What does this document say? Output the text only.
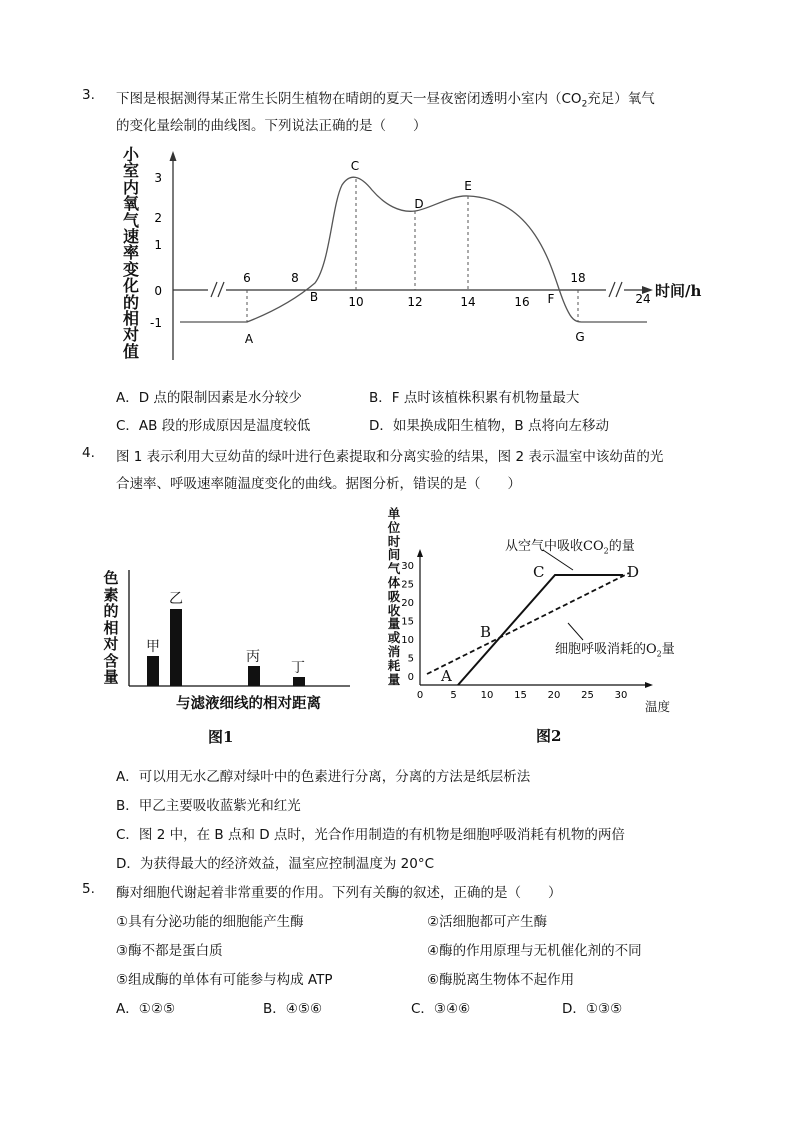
3. 下图是根据测得某正常生长阴生植物在晴朗的夏天一昼夜密闭透明小室内（$CO_2$充足）氧气
的变化量绘制的曲线图。下列说法正确的是（　　）
小
室
内
氧
气
速
率
变
化
的
相
对
值
3
2
1
0
-1
6	8
10	12	14	16
18
24
A
B
C
D
E
F
G
时间/h
A．D 点的限制因素是水分较少	B．F 点时该植株积累有机物量最大
C．AB 段的形成原因是温度较低	D．如果换成阳生植物，B 点将向左移动
4. 图 1 表示利用大豆幼苗的绿叶进行色素提取和分离实验的结果，图 2 表示温室中该幼苗的光
合速率、呼吸速率随温度变化的曲线。据图分析，错误的是（　　）
色
素
的
相
对
含
量
甲
乙
丙
丁
与滤液细线的相对距离
图1
单
位
时
间
气
体
吸
收
量
或
消
耗
量
30
25
20
15
10
5
0
0	5 10 15 20 25 30
从空气中吸收$CO_2$的量
细胞呼吸消耗的$O_2$量
A
B
C	D
温度
图2
A．可以用无水乙醇对绿叶中的色素进行分离，分离的方法是纸层析法
B．甲乙主要吸收蓝紫光和红光
C．图 2 中，在 B 点和 D 点时，光合作用制造的有机物是细胞呼吸消耗有机物的两倍
D．为获得最大的经济效益，温室应控制温度为 20°C
5. 酶对细胞代谢起着非常重要的作用。下列有关酶的叙述，正确的是（　　）
①具有分泌功能的细胞能产生酶	②活细胞都可产生酶
③酶不都是蛋白质	④酶的作用原理与无机催化剂的不同
⑤组成酶的单体有可能参与构成 ATP	⑥酶脱离生物体不起作用
A．①②⑤	B．④⑤⑥	C．③④⑥	D．①③⑤
